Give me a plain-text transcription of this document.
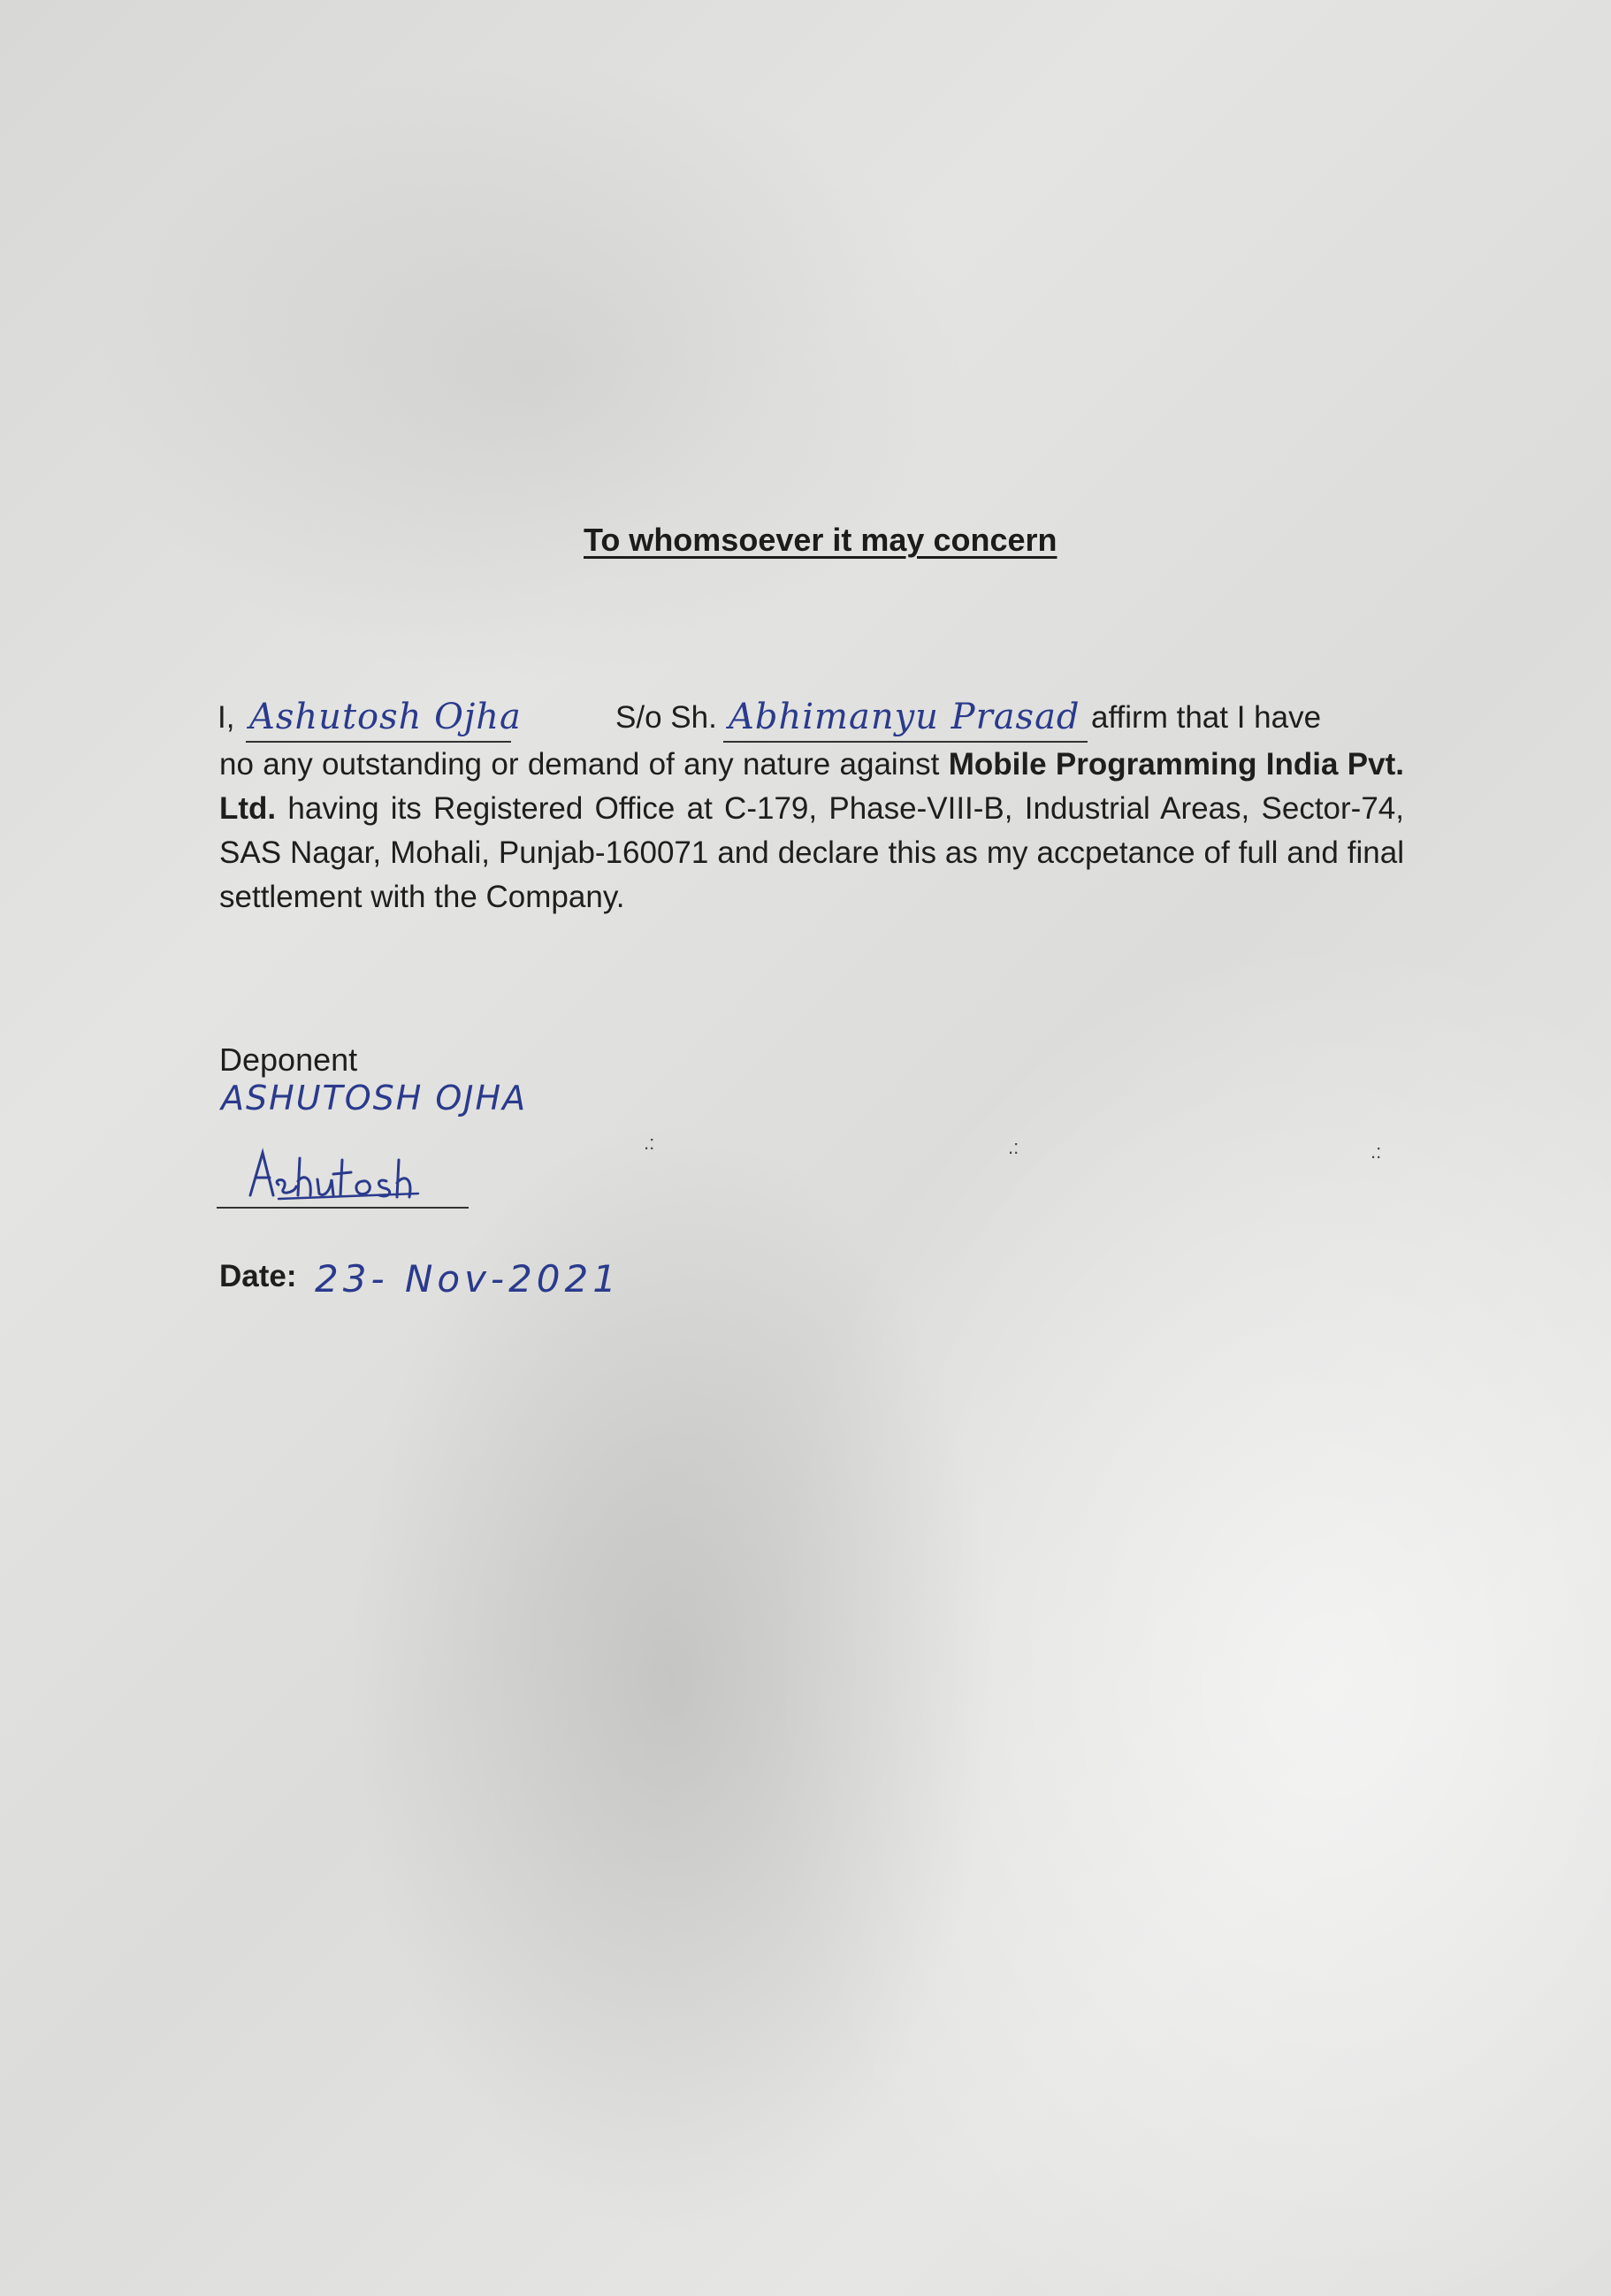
To whomsoever it may concern
I, Ashutosh Ojha	S/o Sh. Abhimanyu Prasad affirm that I have
no any outstanding or demand of any nature against Mobile Programming India Pvt. Ltd. having its Registered Office at C-179, Phase-VIII-B, Industrial Areas, Sector-74, SAS Nagar, Mohali, Punjab-160071 and declare this as my accpetance of full and final settlement with the Company.
Deponent
ASHUTOSH OJHA
Date: 23- Nov-2021
.:	.:	.:
